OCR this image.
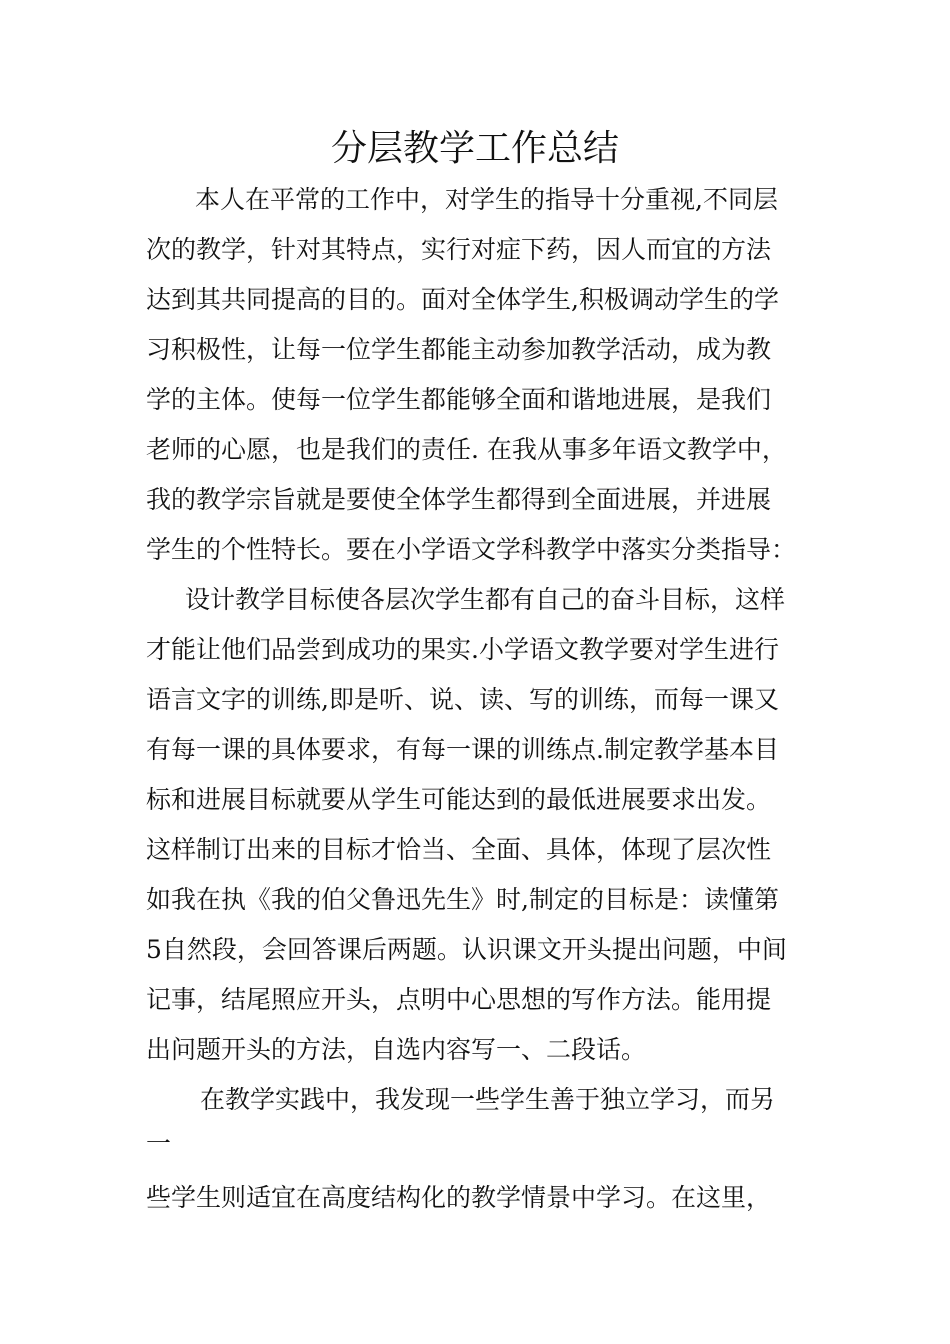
分层教学工作总结
本人在平常的工作中，对学生的指导十分重视,不同层
次的教学，针对其特点，实行对症下药，因人而宜的方法
达到其共同提高的目的。面对全体学生,积极调动学生的学
习积极性，让每一位学生都能主动参加教学活动，成为教
学的主体。使每一位学生都能够全面和谐地进展，是我们
老师的心愿，也是我们的责任. 在我从事多年语文教学中，
我的教学宗旨就是要使全体学生都得到全面进展，并进展
学生的个性特长。要在小学语文学科教学中落实分类指导：
设计教学目标使各层次学生都有自己的奋斗目标，这样
才能让他们品尝到成功的果实.小学语文教学要对学生进行
语言文字的训练,即是听、说、读、写的训练，而每一课又
有每一课的具体要求，有每一课的训练点.制定教学基本目
标和进展目标就要从学生可能达到的最低进展要求出发。
这样制订出来的目标才恰当、全面、具体，体现了层次性
如我在执《我的伯父鲁迅先生》时,制定的目标是：读懂第
5自然段，会回答课后两题。认识课文开头提出问题，中间
记事，结尾照应开头，点明中心思想的写作方法。能用提
出问题开头的方法，自选内容写一、二段话。
在教学实践中，我发现一些学生善于独立学习，而另
一
些学生则适宜在高度结构化的教学情景中学习。在这里，
